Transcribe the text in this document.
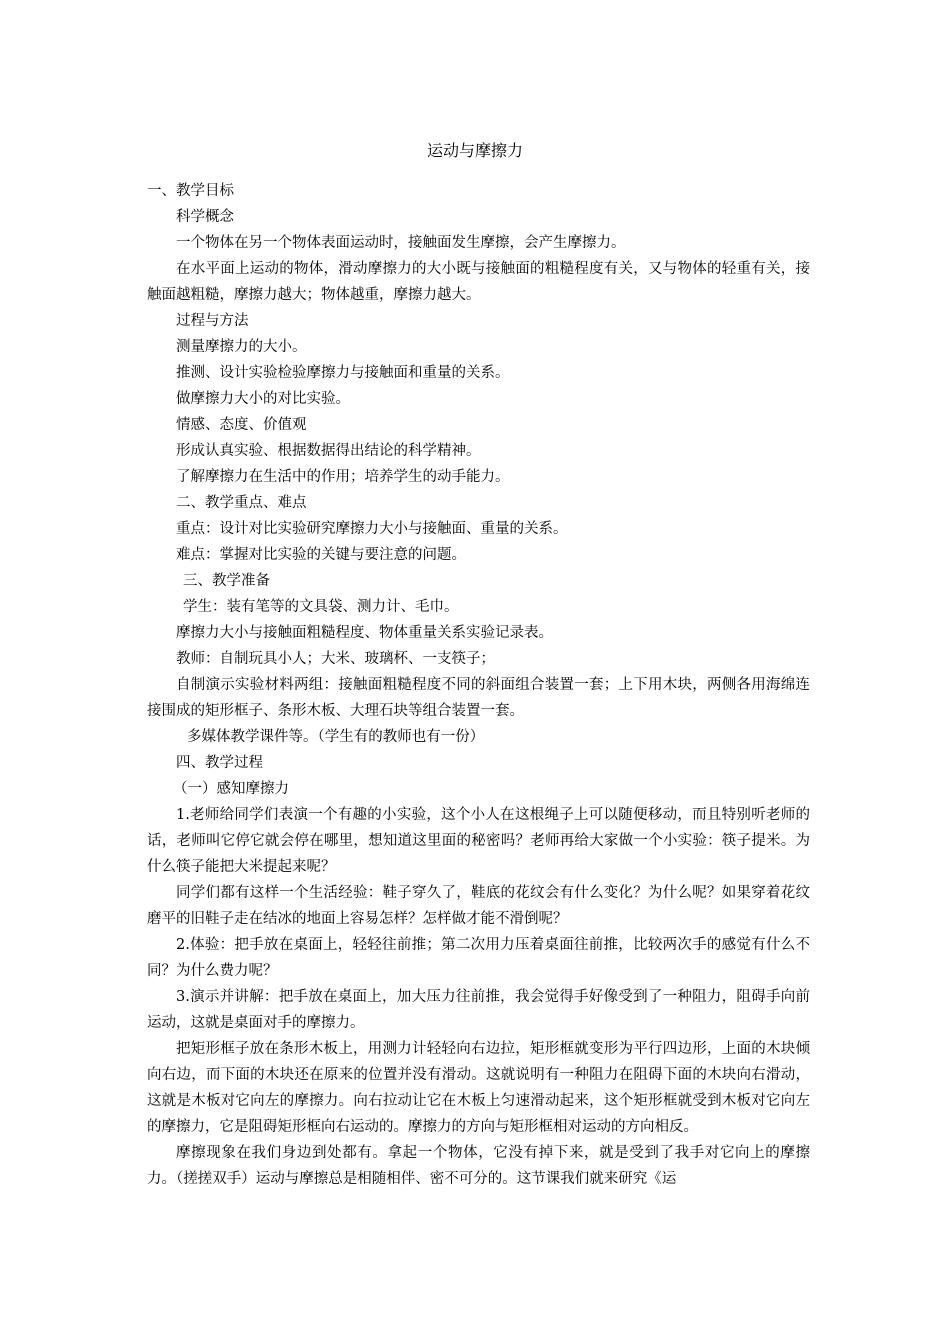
运动与摩擦力

一、教学目标

科学概念

一个物体在另一个物体表面运动时，接触面发生摩擦，会产生摩擦力。

在水平面上运动的物体，滑动摩擦力的大小既与接触面的粗糙程度有关，又与物体的轻重有关，接触面越粗糙，摩擦力越大；物体越重，摩擦力越大。

过程与方法

测量摩擦力的大小。

推测、设计实验检验摩擦力与接触面和重量的关系。

做摩擦力大小的对比实验。

情感、态度、价值观

形成认真实验、根据数据得出结论的科学精神。

了解摩擦力在生活中的作用；培养学生的动手能力。

二、教学重点、难点

重点：设计对比实验研究摩擦力大小与接触面、重量的关系。

难点：掌握对比实验的关键与要注意的问题。

三、教学准备

学生：装有笔等的文具袋、测力计、毛巾。

摩擦力大小与接触面粗糙程度、物体重量关系实验记录表。

教师：自制玩具小人；大米、玻璃杯、一支筷子；

自制演示实验材料两组：接触面粗糙程度不同的斜面组合装置一套；上下用木块，两侧各用海绵连接围成的矩形框子、条形木板、大理石块等组合装置一套。

多媒体教学课件等。（学生有的教师也有一份）

四、教学过程

（一）感知摩擦力

1.老师给同学们表演一个有趣的小实验，这个小人在这根绳子上可以随便移动，而且特别听老师的话，老师叫它停它就会停在哪里，想知道这里面的秘密吗？老师再给大家做一个小实验：筷子提米。为什么筷子能把大米提起来呢？

同学们都有这样一个生活经验：鞋子穿久了，鞋底的花纹会有什么变化？为什么呢？如果穿着花纹磨平的旧鞋子走在结冰的地面上容易怎样？怎样做才能不滑倒呢？

2.体验：把手放在桌面上，轻轻往前推；第二次用力压着桌面往前推，比较两次手的感觉有什么不同？为什么费力呢？

3.演示并讲解：把手放在桌面上，加大压力往前推，我会觉得手好像受到了一种阻力，阻碍手向前运动，这就是桌面对手的摩擦力。

把矩形框子放在条形木板上，用测力计轻轻向右边拉，矩形框就变形为平行四边形，上面的木块倾向右边，而下面的木块还在原来的位置并没有滑动。这就说明有一种阻力在阻碍下面的木块向右滑动，这就是木板对它向左的摩擦力。向右拉动让它在木板上匀速滑动起来，这个矩形框就受到木板对它向左的摩擦力，它是阻碍矩形框向右运动的。摩擦力的方向与矩形框相对运动的方向相反。

摩擦现象在我们身边到处都有。拿起一个物体，它没有掉下来，就是受到了我手对它向上的摩擦力。（搓搓双手）运动与摩擦总是相随相伴、密不可分的。这节课我们就来研究《运
